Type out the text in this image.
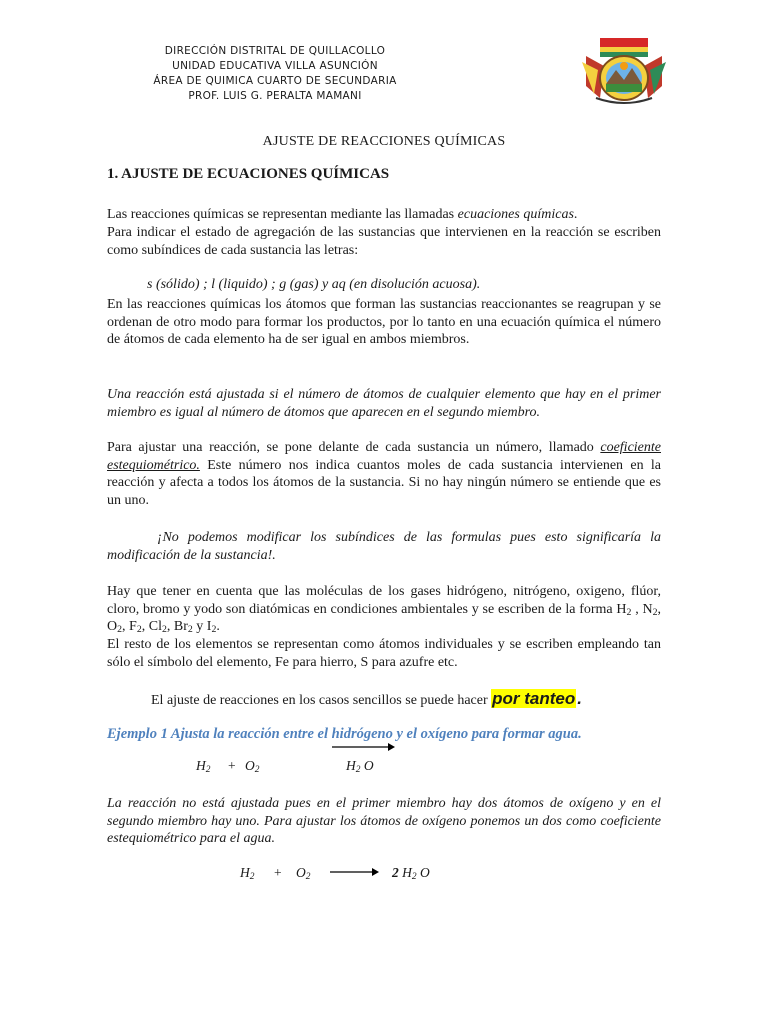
DIRECCIÓN DISTRITAL DE QUILLACOLLO
UNIDAD EDUCATIVA VILLA ASUNCIÓN
ÁREA DE QUIMICA CUARTO DE SECUNDARIA
PROF. LUIS G. PERALTA MAMANI
AJUSTE DE REACCIONES QUÍMICAS
1. AJUSTE DE ECUACIONES QUÍMICAS
Las reacciones químicas se representan mediante las llamadas ecuaciones químicas.
Para indicar el estado de agregación de las sustancias que intervienen en la reacción se escriben como subíndices de cada sustancia las letras:
s (sólido) ; l (liquido) ; g (gas) y aq (en disolución acuosa).
En las reacciones químicas los átomos que forman las sustancias reaccionantes se reagrupan y se ordenan de otro modo para formar los productos, por lo tanto en una ecuación química el número de átomos de cada elemento ha de ser igual en ambos miembros.
Una reacción está ajustada si el número de átomos de cualquier elemento que hay en el primer miembro es igual al número de átomos que aparecen en el segundo miembro.
Para ajustar una reacción, se pone delante de cada sustancia un número, llamado coeficiente estequiométrico. Este número nos indica cuantos moles de cada sustancia intervienen en la reacción y afecta a todos los átomos de la sustancia. Si no hay ningún número se entiende que es un uno.
¡No podemos modificar los subíndices de las formulas pues esto significaría la modificación de la sustancia!.
Hay que tener en cuenta que las moléculas de los gases hidrógeno, nitrógeno, oxigeno, flúor, cloro, bromo y yodo son diatómicas en condiciones ambientales y se escriben de la forma $H_2$ , $N_2$, $O_2$, $F_2$, $Cl_2$, $Br_2$ y $I_2$.
El resto de los elementos se representan como átomos individuales y se escriben empleando tan sólo el símbolo del elemento, Fe para hierro, S para azufre etc.
El ajuste de reacciones en los casos sencillos se puede hacer por tanteo .
Ejemplo 1 Ajusta la reacción entre el hidrógeno y el oxígeno para formar agua.
$H_2 + O_2$	$H_2$ O
La reacción no está ajustada pues en el primer miembro hay dos átomos de oxígeno y en el segundo miembro hay uno. Para ajustar los átomos de oxígeno ponemos un dos como coeficiente estequiométrico para el agua.
$H_2 + O_2$	2 $H_2$ O
